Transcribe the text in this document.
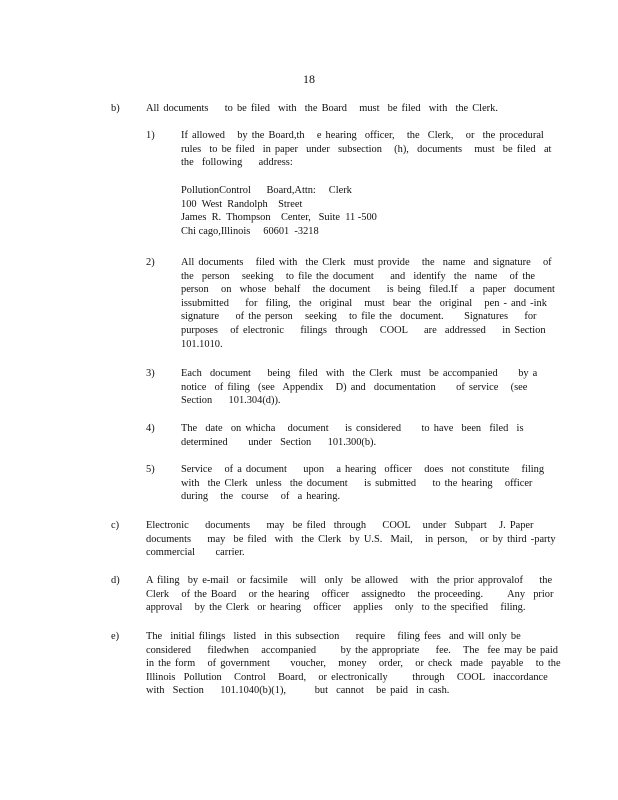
18
b)	All documents    to be filed  with  the Board   must  be filed  with  the Clerk.
1)	If allowed   by the Board,th   e hearing  officer,   the  Clerk,   or  the procedural
rules  to be filed  in paper  under  subsection   (h),  documents   must  be filed  at
the  following    address:
PollutionControl      Board,Attn:     Clerk
100  West  Randolph    Street
James  R.  Thompson    Center,   Suite  11 -500
Chi cago,Illinois     60601  -3218
2)	All documents   filed with  the Clerk  must provide   the  name  and signature   of
the  person   seeking   to file the document    and  identify  the  name   of the
person   on  whose  behalf   the document    is being  filed.If   a  paper  document
issubmitted    for  filing,  the  original   must  bear  the  original   pen - and -ink
signature    of the person   seeking   to file the  document.     Signatures    for
purposes   of electronic    filings  through   COOL    are  addressed    in Section
101.1010.
3)	Each  document    being  filed  with  the Clerk  must  be accompanied     by a
notice  of filing  (see  Appendix   D) and  documentation     of service   (see
Section    101.304(d)).
4)	The  date  on whicha   document    is considered     to have  been  filed  is
determined     under  Section    101.300(b).
5)	Service   of a document    upon   a hearing  officer   does  not constitute   filing
with  the Clerk  unless  the document    is submitted    to the hearing   officer
during   the  course   of  a hearing.
c)	Electronic    documents    may  be filed  through    COOL   under  Subpart   J. Paper
documents    may  be filed  with  the Clerk  by U.S.  Mail,   in person,   or by third -party
commercial     carrier.
d)	A filing  by e-mail  or facsimile   will  only  be allowed   with  the prior approvalof    the
Clerk   of the Board   or the hearing   officer   assignedto   the proceeding.      Any  prior
approval   by the Clerk  or hearing   officer   applies   only  to the specified   filing.
e)	The  initial filings  listed  in this subsection    require   filing fees  and will only be
considered    filedwhen   accompanied      by the appropriate    fee.   The  fee may be paid
in the form   of government     voucher,   money   order,   or check  made  payable   to the
Illinois  Pollution   Control   Board,   or electronically      through   COOL  inaccordance
with  Section    101.1040(b)(1),       but  cannot   be paid  in cash.
